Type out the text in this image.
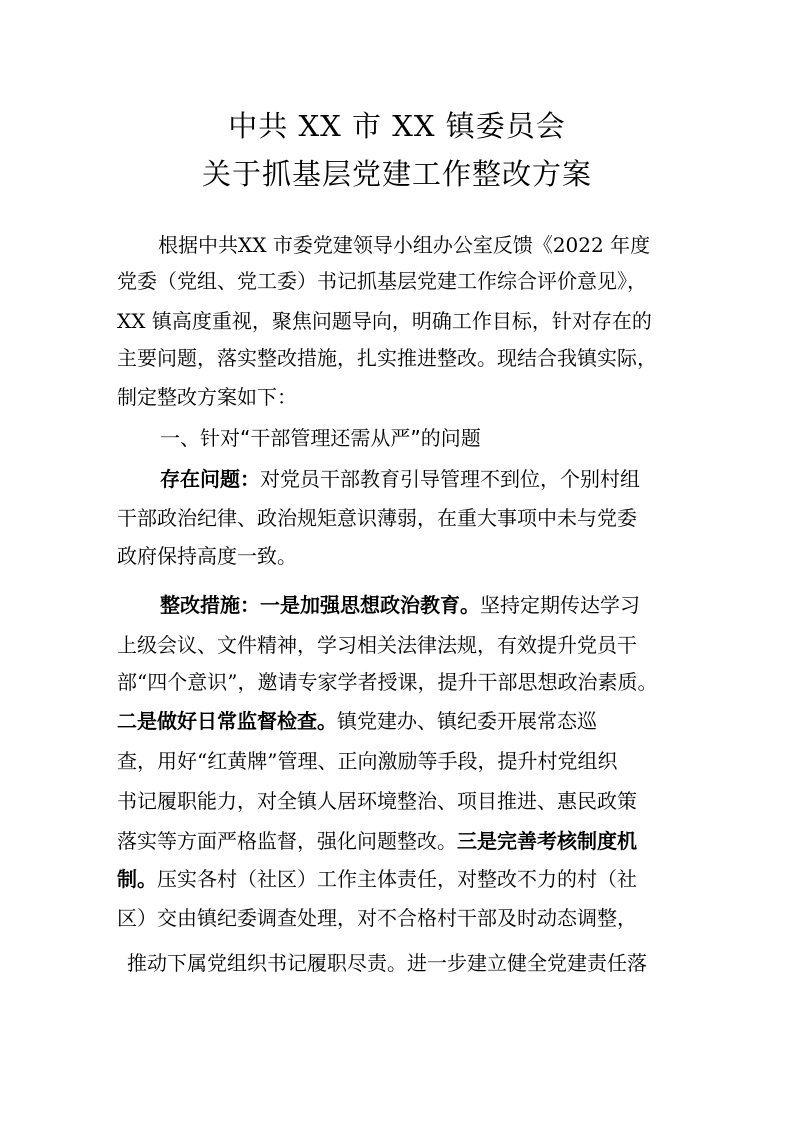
中共 XX 市 XX 镇委员会
关于抓基层党建工作整改方案
根据中共XX 市委党建领导小组办公室反馈《2022 年度
党委（党组、党工委）书记抓基层党建工作综合评价意见》，
XX 镇高度重视，聚焦问题导向，明确工作目标，针对存在的
主要问题，落实整改措施，扎实推进整改。现结合我镇实际，
制定整改方案如下：
一、针对“干部管理还需从严”的问题
存在问题：对党员干部教育引导管理不到位，个别村组
干部政治纪律、政治规矩意识薄弱，在重大事项中未与党委
政府保持高度一致。
整改措施：一是加强思想政治教育。坚持定期传达学习
上级会议、文件精神，学习相关法律法规，有效提升党员干
部“四个意识”，邀请专家学者授课，提升干部思想政治素质。
二是做好日常监督检查。镇党建办、镇纪委开展常态巡
查，用好“红黄牌”管理、正向激励等手段，提升村党组织
书记履职能力，对全镇人居环境整治、项目推进、惠民政策
落实等方面严格监督，强化问题整改。三是完善考核制度机
制。压实各村（社区）工作主体责任，对整改不力的村（社
区）交由镇纪委调查处理，对不合格村干部及时动态调整，
推动下属党组织书记履职尽责。进一步建立健全党建责任落
